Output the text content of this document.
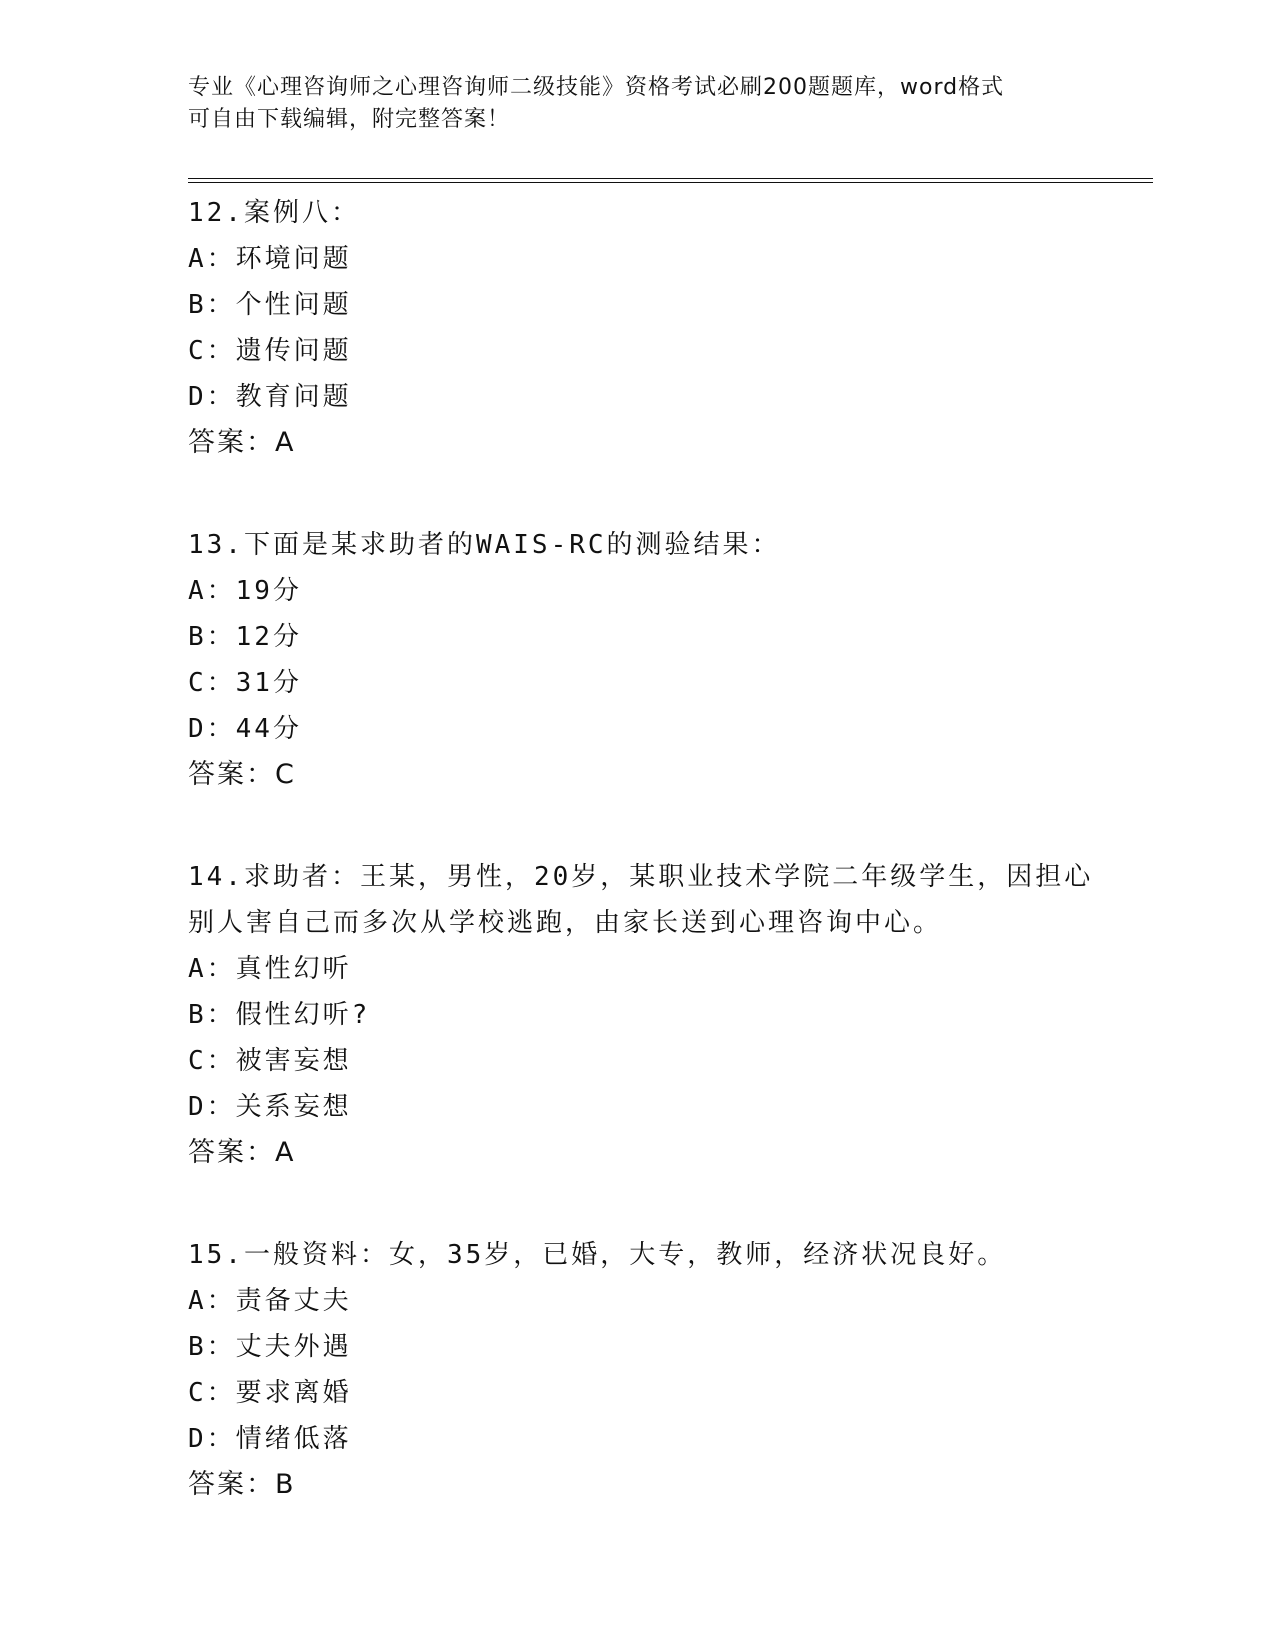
专业《心理咨询师之心理咨询师二级技能》资格考试必刷200题题库，word格式
可自由下载编辑，附完整答案！
12.案例八：
A：环境问题
B：个性问题
C：遗传问题
D：教育问题
答案：A
13.下面是某求助者的WAIS-RC的测验结果：
A：19分
B：12分
C：31分
D：44分
答案：C
14.求助者：王某，男性，20岁，某职业技术学院二年级学生，因担心
别人害自己而多次从学校逃跑，由家长送到心理咨询中心。
A：真性幻听
B：假性幻听?
C：被害妄想
D：关系妄想
答案：A
15.一般资料：女，35岁，已婚，大专，教师，经济状况良好。
A：责备丈夫
B：丈夫外遇
C：要求离婚
D：情绪低落
答案：B
